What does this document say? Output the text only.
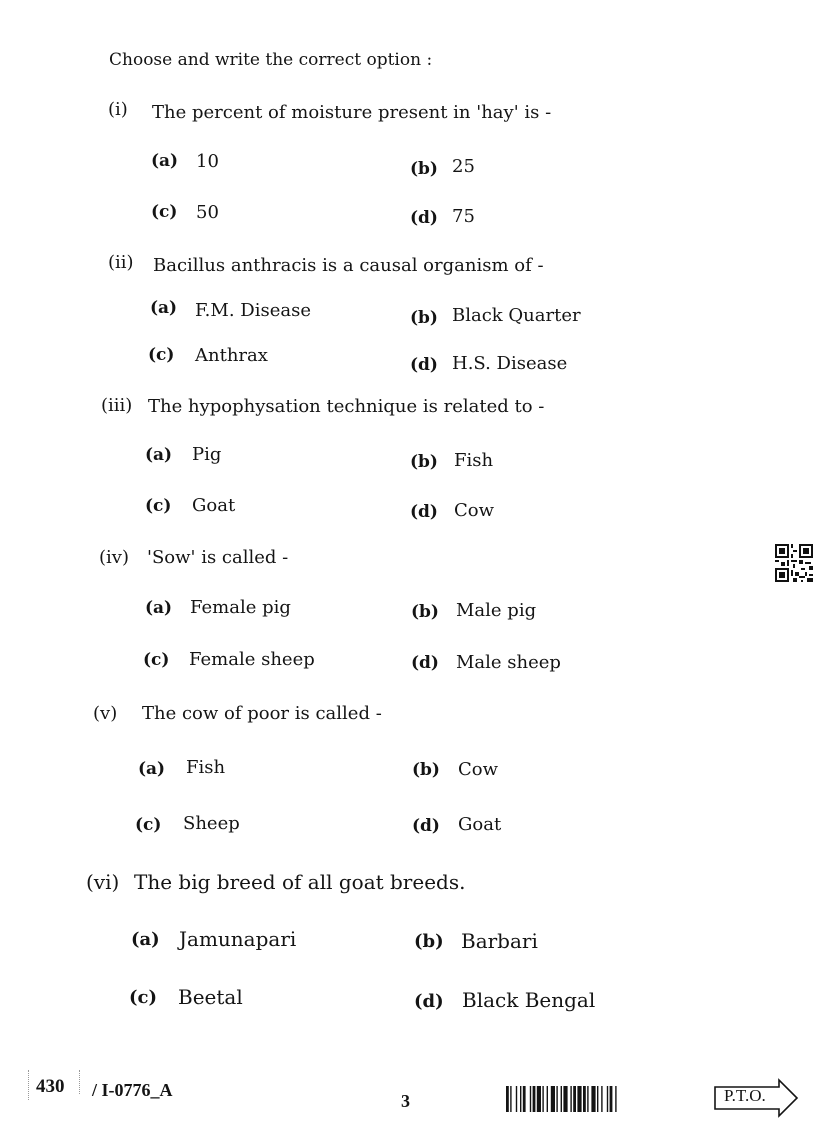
Choose and write the correct option :
(i) The percent of moisture present in 'hay' is -
(a) 10	(b) 25
(c) 50	(d) 75
(ii) Bacillus anthracis is a causal organism of -
(a) F.M. Disease	(b) Black Quarter
(c) Anthrax	(d) H.S. Disease
(iii) The hypophysation technique is related to -
(a) Pig	(b) Fish
(c) Goat	(d) Cow
(iv) 'Sow' is called -
(a) Female pig	(b) Male pig
(c) Female sheep	(d) Male sheep
(v) The cow of poor is called -
(a) Fish	(b) Cow
(c) Sheep	(d) Goat
(vi) The big breed of all goat breeds.
(a) Jamunapari	(b) Barbari
(c) Beetal	(d) Black Bengal
430 / I-0776_A
3	P.T.O.
